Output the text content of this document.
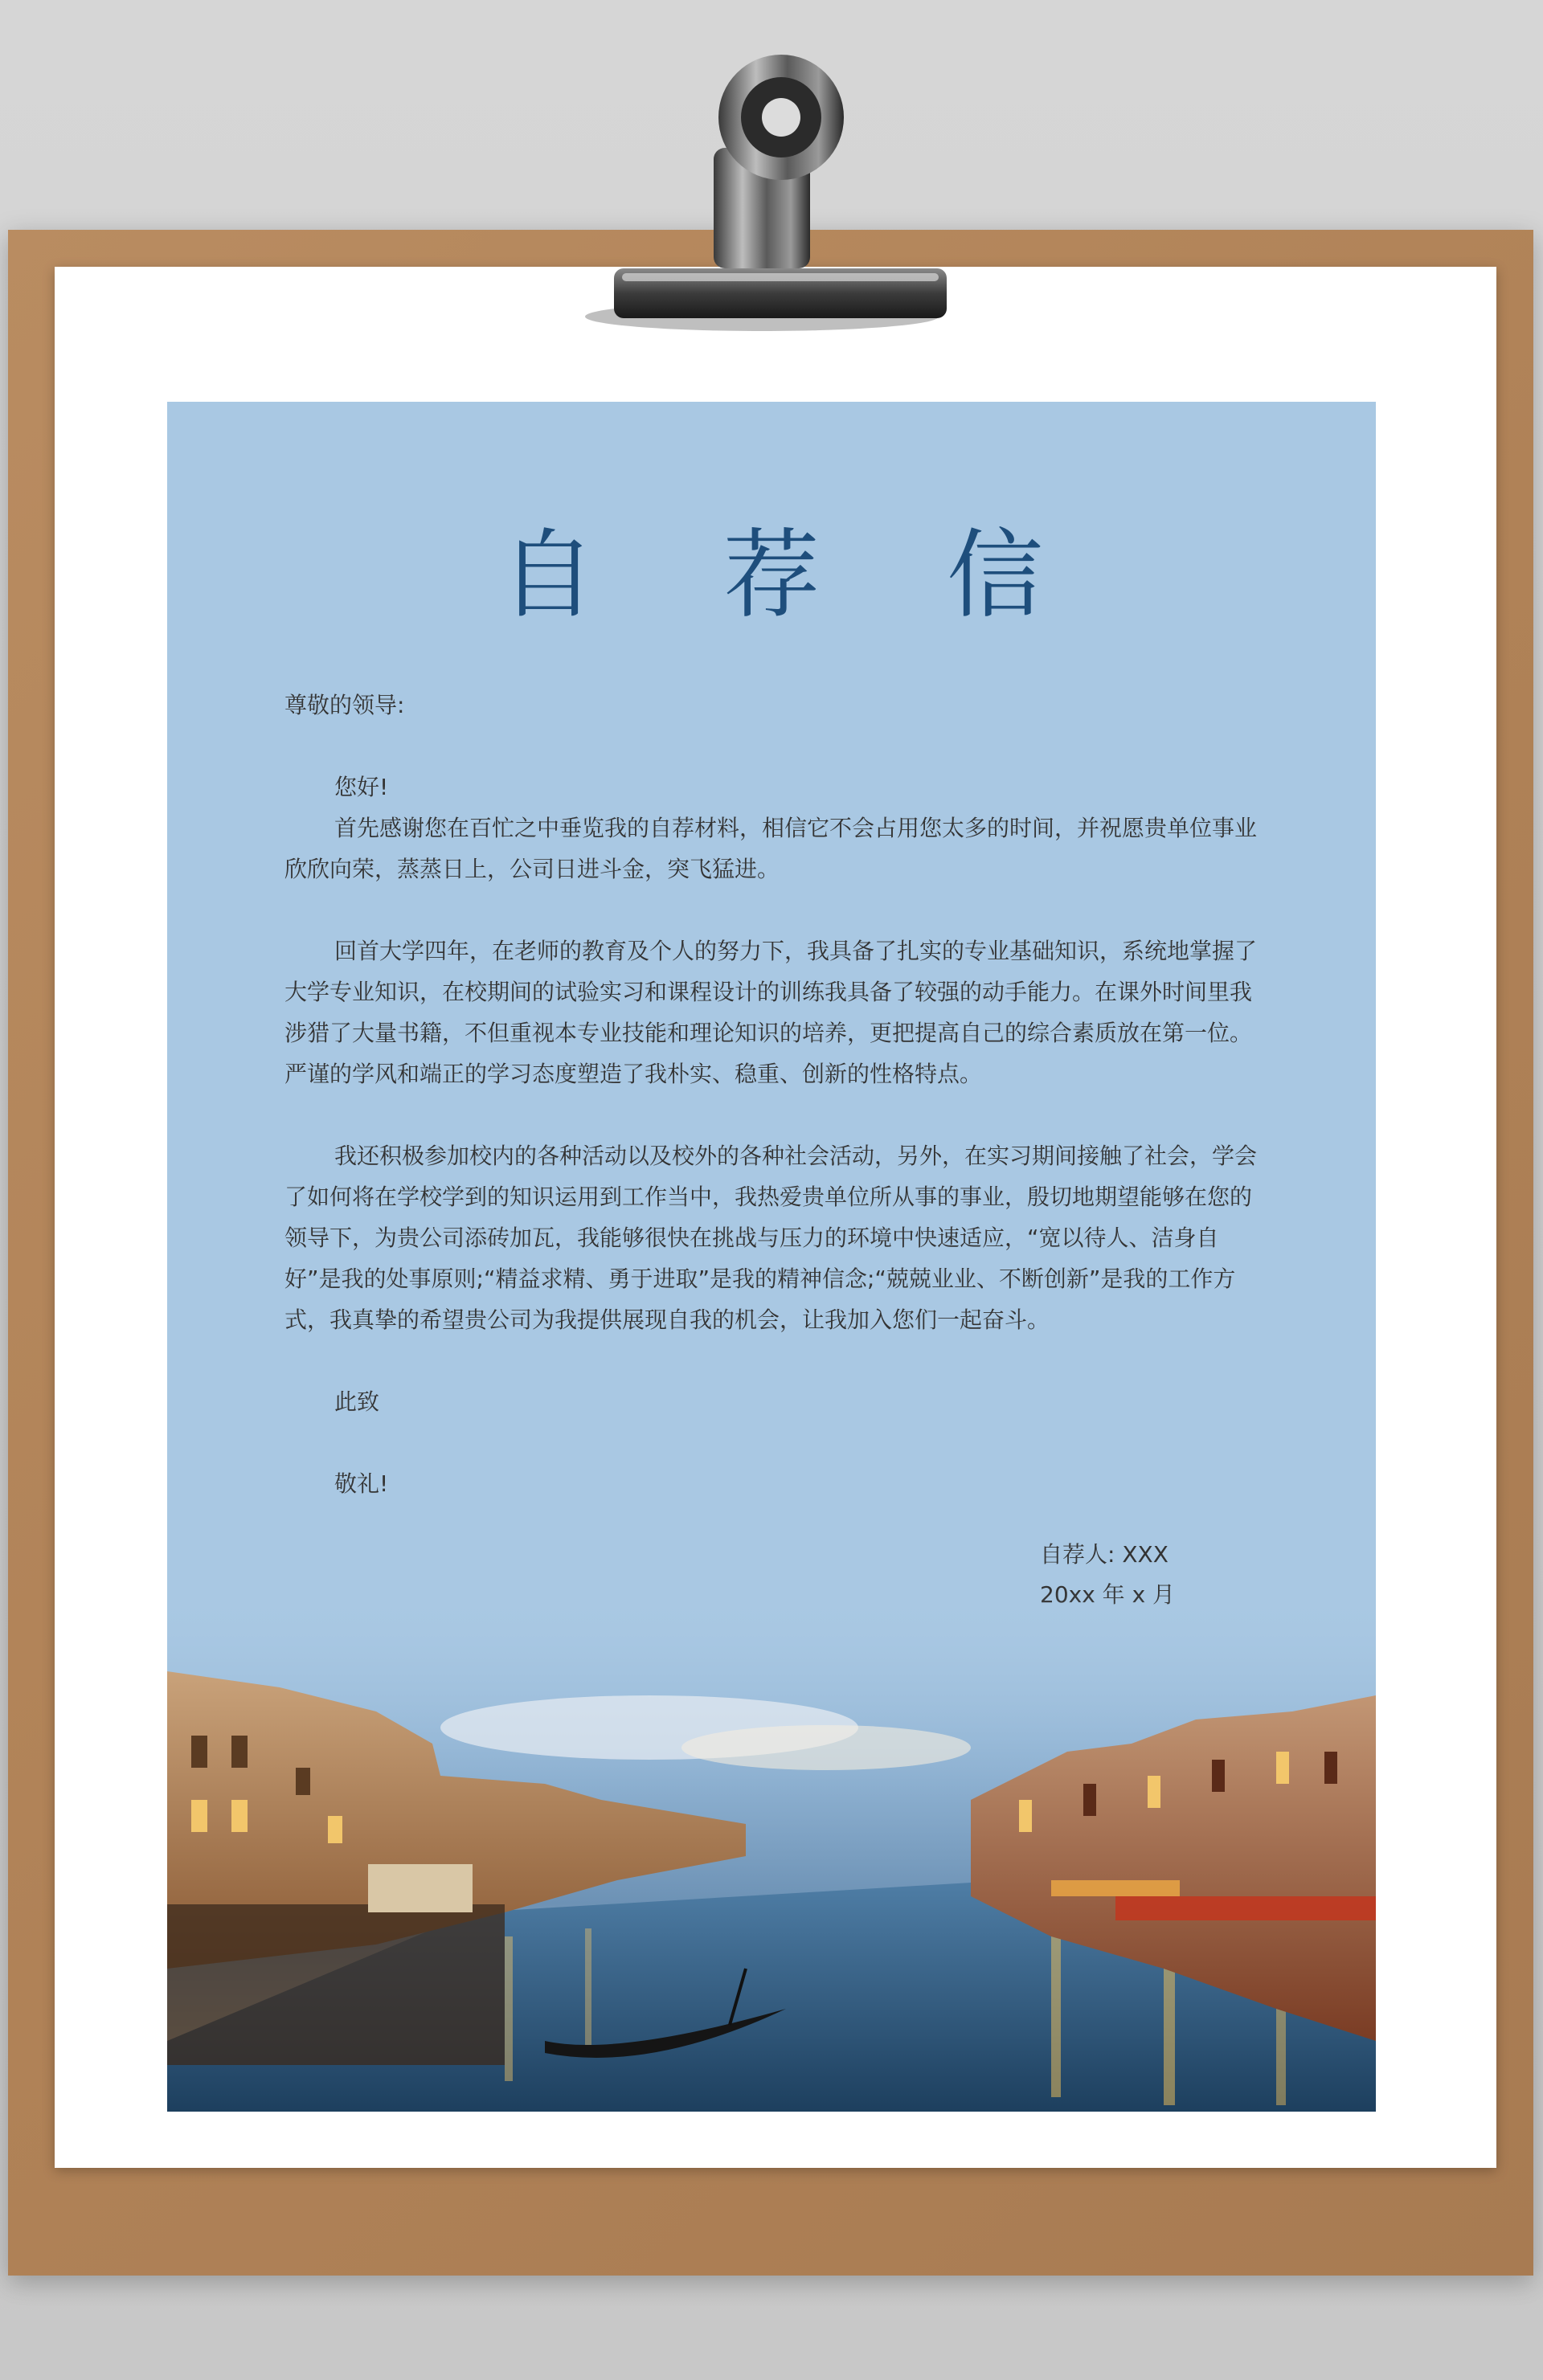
自 荐 信

尊敬的领导:

您好!

首先感谢您在百忙之中垂览我的自荐材料，相信它不会占用您太多的时间，并祝愿贵单位事业欣欣向荣，蒸蒸日上，公司日进斗金，突飞猛进。

回首大学四年，在老师的教育及个人的努力下，我具备了扎实的专业基础知识，系统地掌握了大学专业知识，在校期间的试验实习和课程设计的训练我具备了较强的动手能力。在课外时间里我涉猎了大量书籍，不但重视本专业技能和理论知识的培养，更把提高自己的综合素质放在第一位。严谨的学风和端正的学习态度塑造了我朴实、稳重、创新的性格特点。

我还积极参加校内的各种活动以及校外的各种社会活动，另外，在实习期间接触了社会，学会了如何将在学校学到的知识运用到工作当中，我热爱贵单位所从事的事业，殷切地期望能够在您的领导下，为贵公司添砖加瓦，我能够很快在挑战与压力的环境中快速适应，“宽以待人、洁身自好”是我的处事原则;“精益求精、勇于进取”是我的精神信念;“兢兢业业、不断创新”是我的工作方式，我真挚的希望贵公司为我提供展现自我的机会，让我加入您们一起奋斗。

此致

敬礼!

自荐人: XXX
